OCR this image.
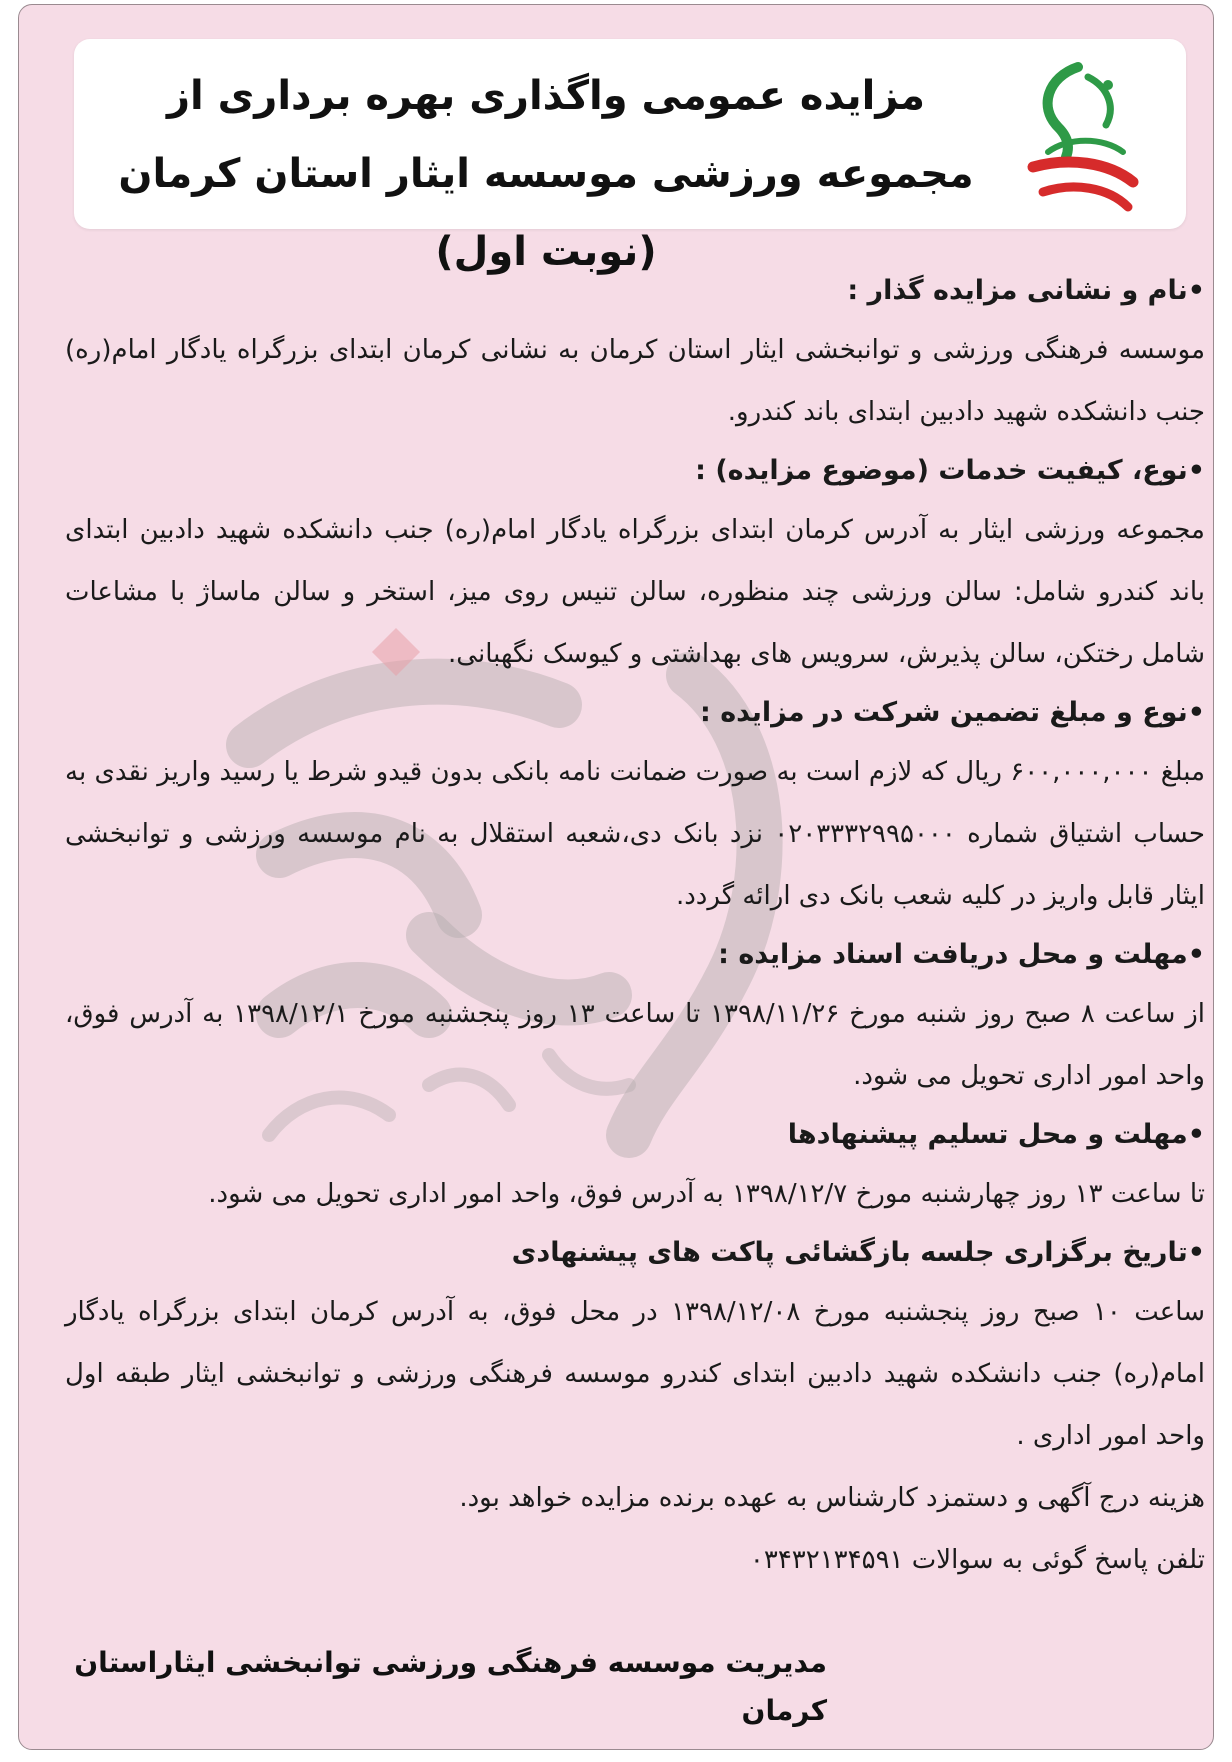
مزایده عمومی واگذاری بهره برداری از مجموعه ورزشی موسسه ایثار استان کرمان (نوبت اول)
•نام و نشانی مزایده گذار :

موسسه فرهنگی ورزشی و توانبخشی ایثار استان کرمان به نشانی کرمان ابتدای بزرگراه یادگار امام(ره) جنب دانشکده شهید دادبین ابتدای باند کندرو.

•نوع، کیفیت خدمات (موضوع مزایده) :

مجموعه ورزشی ایثار به آدرس کرمان ابتدای بزرگراه یادگار امام(ره) جنب دانشکده شهید دادبین ابتدای باند کندرو شامل: سالن ورزشی چند منظوره، سالن تنیس روی میز، استخر و سالن ماساژ با مشاعات شامل رختکن، سالن پذیرش، سرویس های بهداشتی و کیوسک نگهبانی.

•نوع و مبلغ تضمین شرکت در مزایده :

مبلغ ۶۰۰,۰۰۰,۰۰۰ ریال که لازم است به صورت ضمانت نامه بانکی بدون قیدو شرط یا رسید واریز نقدی به حساب اشتیاق شماره ۰۲۰۳۳۳۲۹۹۵۰۰۰ نزد بانک دی،شعبه استقلال به نام موسسه ورزشی و توانبخشی ایثار قابل واریز در کلیه شعب بانک دی ارائه گردد.

•مهلت و محل دریافت اسناد مزایده :

از ساعت ۸ صبح روز شنبه مورخ ۱۳۹۸/۱۱/۲۶ تا ساعت ۱۳ روز پنجشنبه مورخ ۱۳۹۸/۱۲/۱ به آدرس فوق، واحد امور اداری تحویل می شود.

•مهلت و محل تسلیم پیشنهادها

تا ساعت ۱۳ روز چهارشنبه مورخ ۱۳۹۸/۱۲/۷ به آدرس فوق، واحد امور اداری تحویل می شود.

•تاریخ برگزاری جلسه بازگشائی پاکت های پیشنهادی

ساعت ۱۰ صبح روز پنجشنبه مورخ ۱۳۹۸/۱۲/۰۸ در محل فوق، به آدرس کرمان ابتدای بزرگراه یادگار امام(ره) جنب دانشکده شهید دادبین ابتدای کندرو موسسه فرهنگی ورزشی و توانبخشی ایثار طبقه اول واحد امور اداری .

هزینه درج آگهی و دستمزد کارشناس به عهده برنده مزایده خواهد بود.

تلفن پاسخ گوئی به سوالات ۰۳۴۳۲۱۳۴۵۹۱

مدیریت موسسه فرهنگی ورزشی توانبخشی ایثاراستان کرمان
